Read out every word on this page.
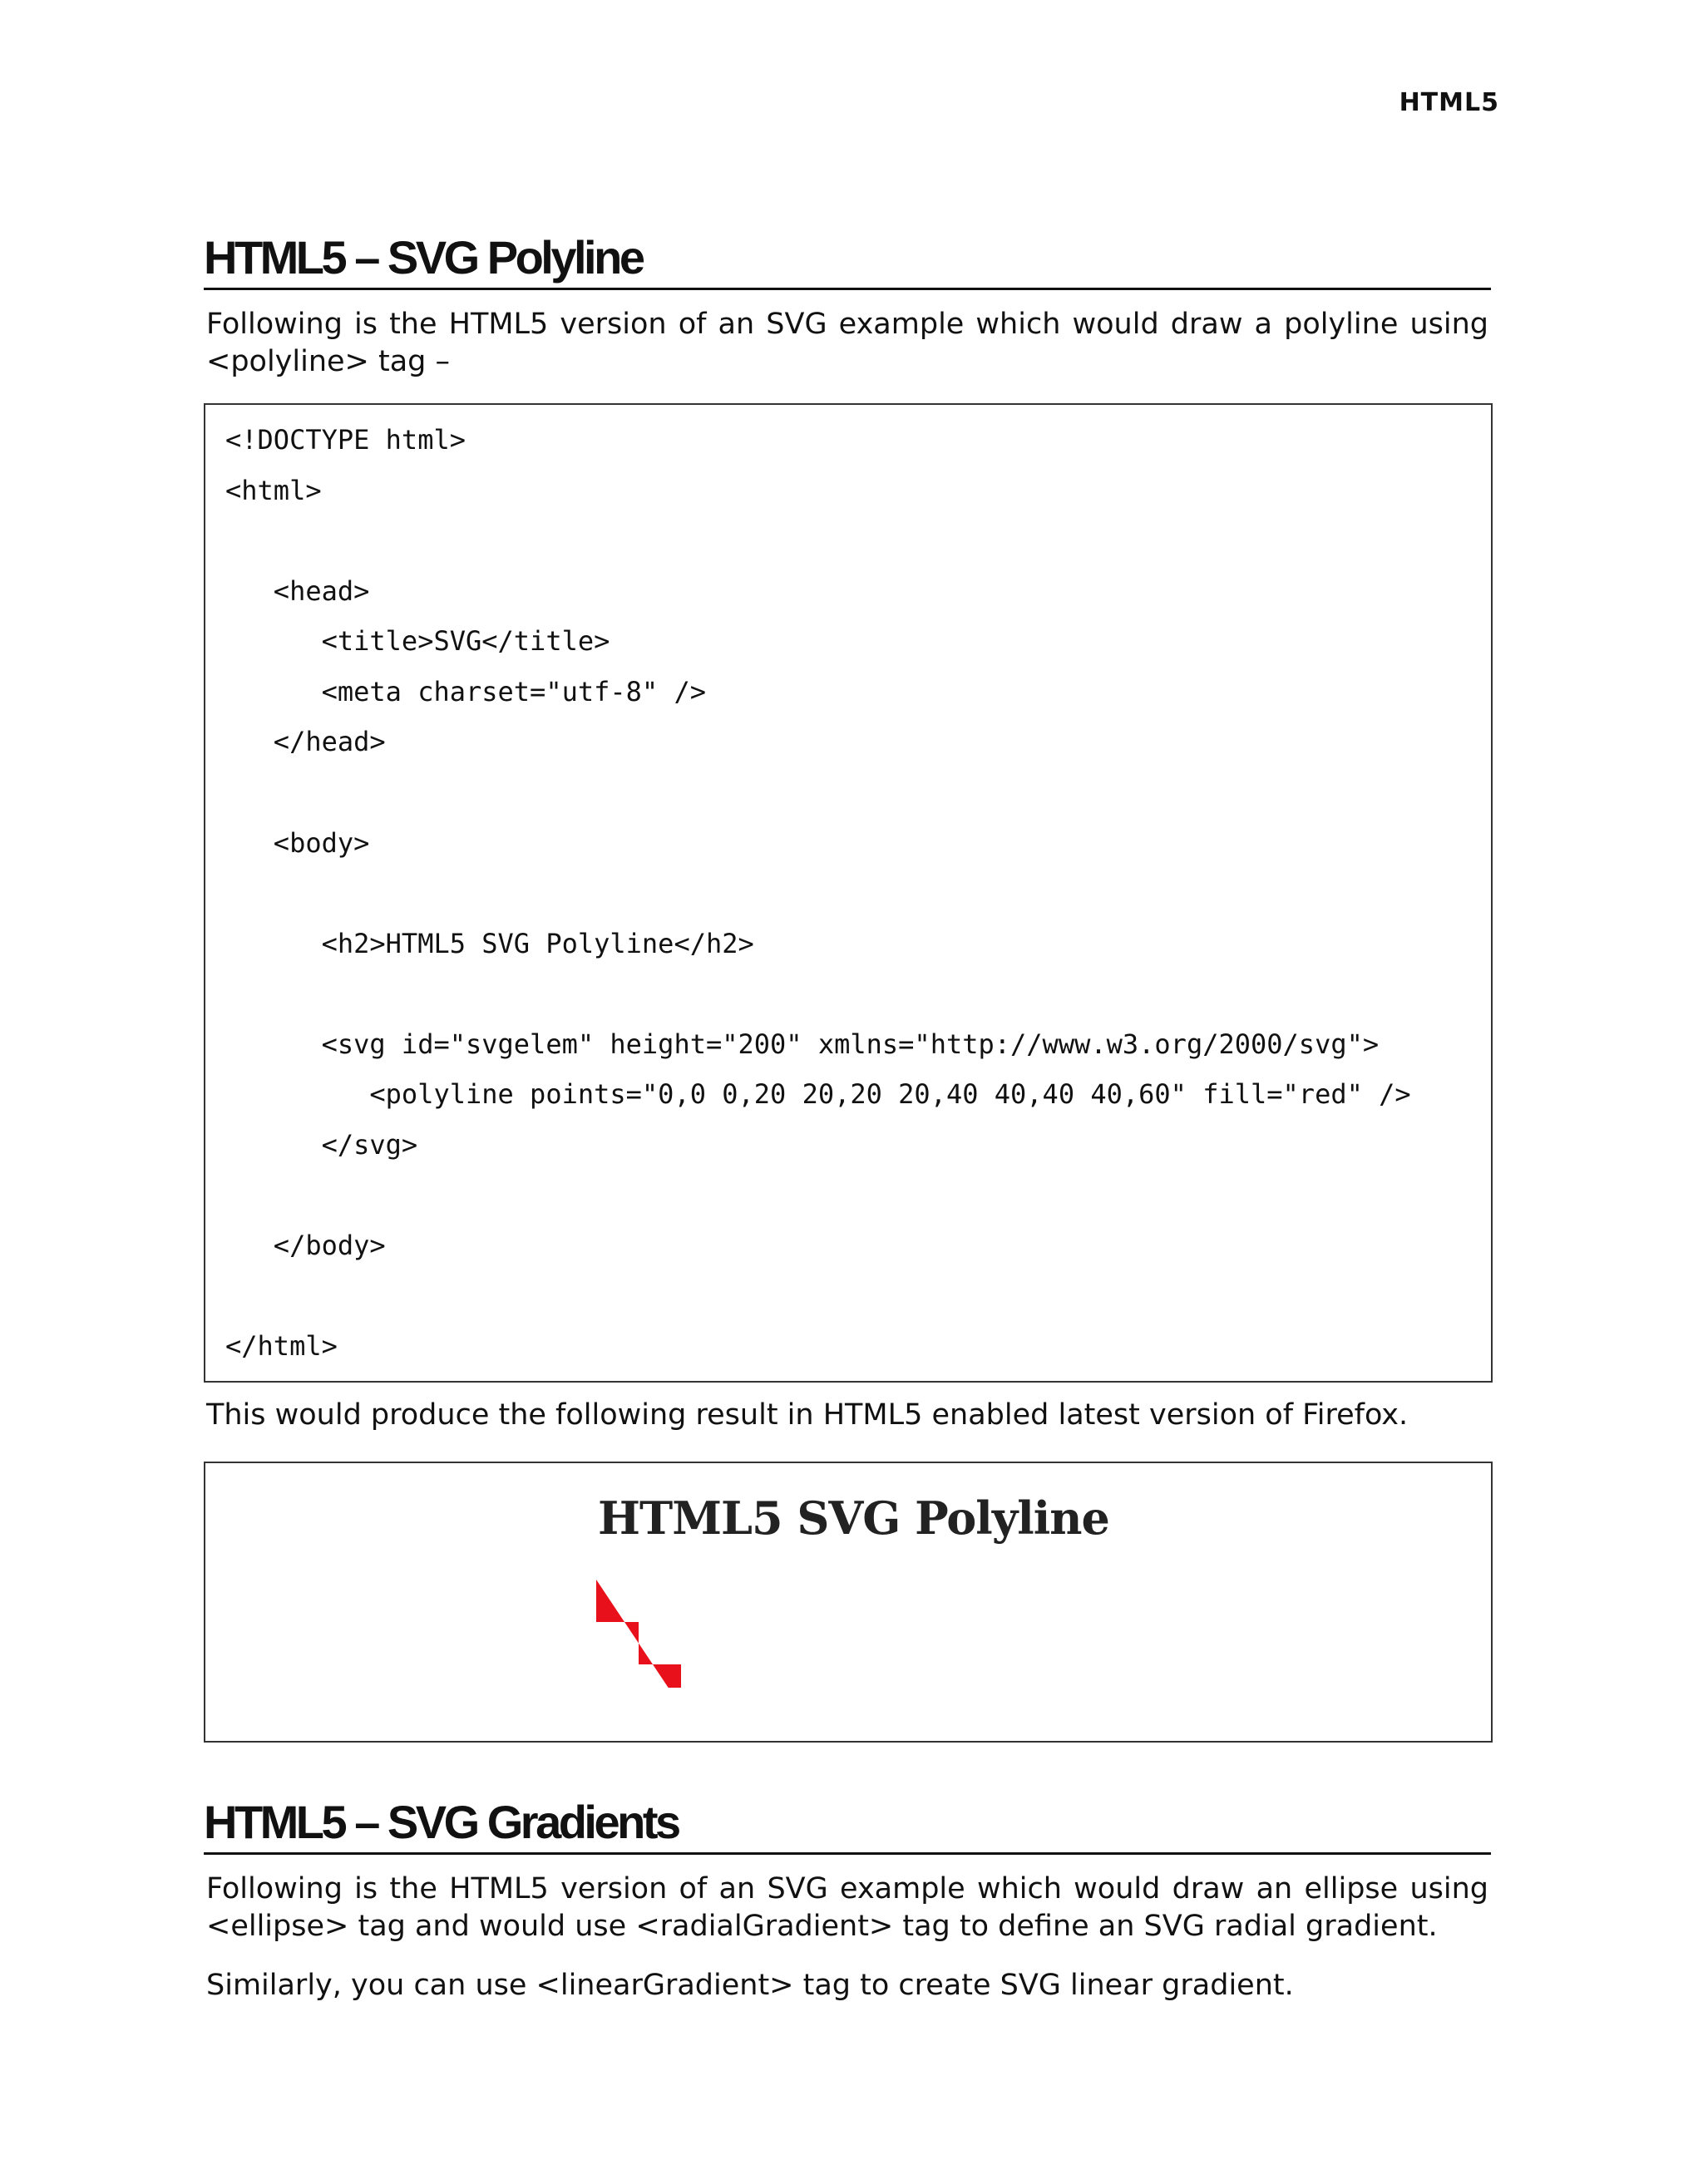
HTML5
HTML5 – SVG Polyline

Following is the HTML5 version of an SVG example which would draw a polyline using <polyline> tag –

<!DOCTYPE html>
<html>
<head>
<title>SVG</title>
<meta charset="utf-8" />
</head>
<body>
<h2>HTML5 SVG Polyline</h2>
<svg id="svgelem" height="200" xmlns="http://www.w3.org/2000/svg">
<polyline points="0,0 0,20 20,20 20,40 40,40 40,60" fill="red" />
</svg>
</body>
</html>

This would produce the following result in HTML5 enabled latest version of Firefox.

HTML5 SVG Polyline
HTML5 – SVG Gradients

Following is the HTML5 version of an SVG example which would draw an ellipse using <ellipse> tag and would use <radialGradient> tag to define an SVG radial gradient.

Similarly, you can use <linearGradient> tag to create SVG linear gradient.
